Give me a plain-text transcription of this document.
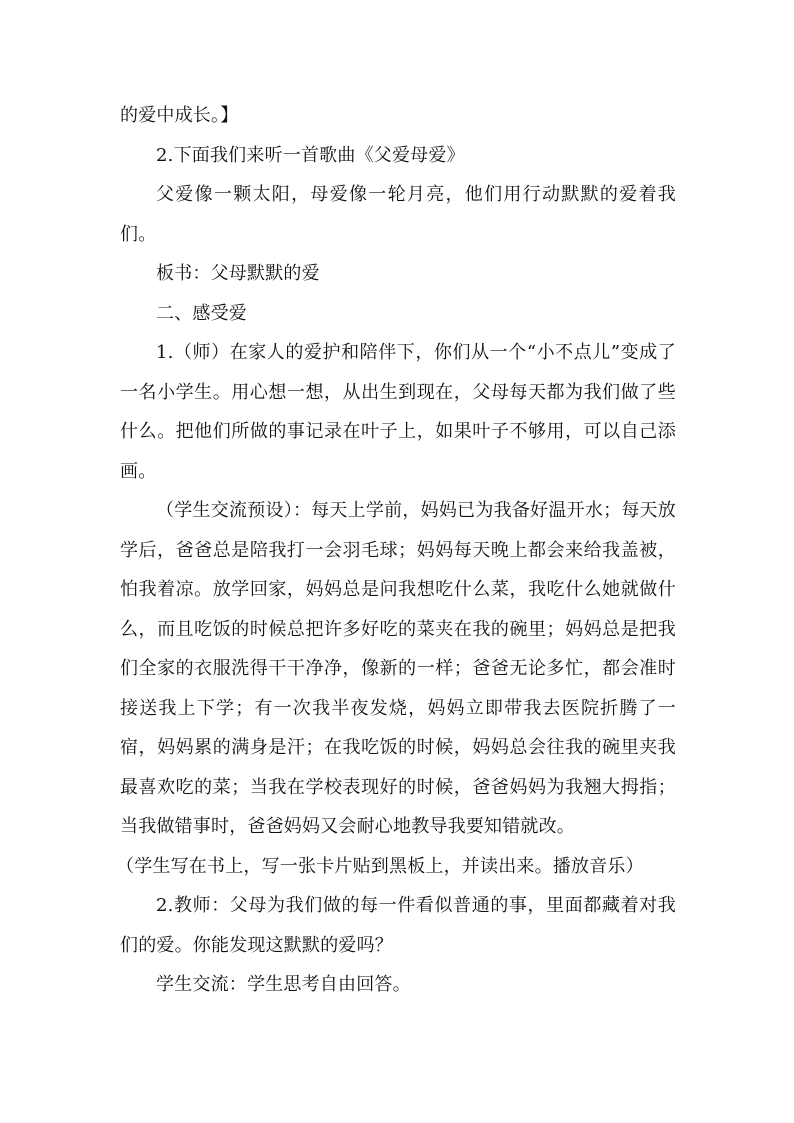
的爱中成长。】

2.下面我们来听一首歌曲《父爱母爱》

父爱像一颗太阳，母爱像一轮月亮，他们用行动默默的爱着我们。

板书：父母默默的爱

二、感受爱

1.（师）在家人的爱护和陪伴下，你们从一个“小不点儿”变成了一名小学生。用心想一想，从出生到现在，父母每天都为我们做了些什么。把他们所做的事记录在叶子上，如果叶子不够用，可以自己添画。

（学生交流预设）：每天上学前，妈妈已为我备好温开水；每天放学后，爸爸总是陪我打一会羽毛球；妈妈每天晚上都会来给我盖被，怕我着凉。放学回家，妈妈总是问我想吃什么菜，我吃什么她就做什么，而且吃饭的时候总把许多好吃的菜夹在我的碗里；妈妈总是把我们全家的衣服洗得干干净净，像新的一样；爸爸无论多忙，都会准时接送我上下学；有一次我半夜发烧，妈妈立即带我去医院折腾了一宿，妈妈累的满身是汗；在我吃饭的时候，妈妈总会往我的碗里夹我最喜欢吃的菜；当我在学校表现好的时候，爸爸妈妈为我翘大拇指；当我做错事时，爸爸妈妈又会耐心地教导我要知错就改。

（学生写在书上，写一张卡片贴到黑板上，并读出来。播放音乐）

2.教师：父母为我们做的每一件看似普通的事，里面都藏着对我们的爱。你能发现这默默的爱吗？

学生交流：学生思考自由回答。
